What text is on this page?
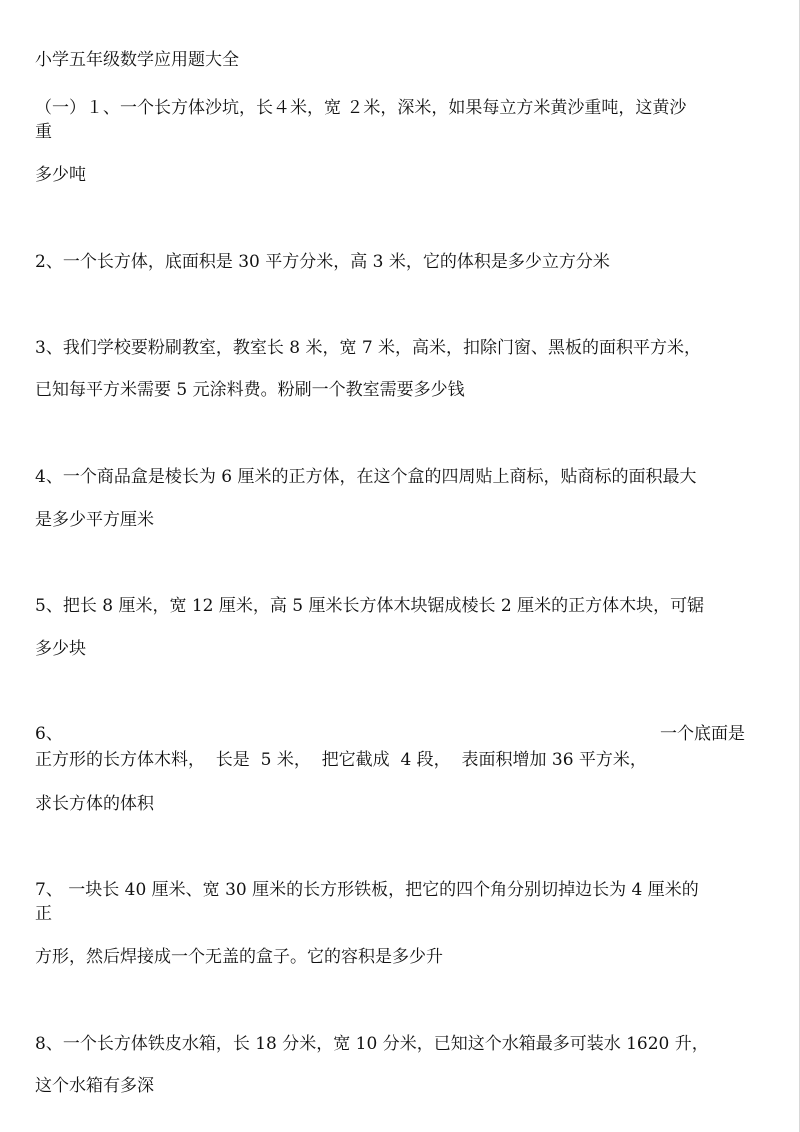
小学五年级数学应用题大全

（一）１、一个长方体沙坑，长４米，宽 ２米，深米，如果每立方米黄沙重吨，这黄沙

重

多少吨

2、一个长方体，底面积是 30 平方分米，高 3 米，它的体积是多少立方分米

3、我们学校要粉刷教室，教室长 8 米，宽 7 米，高米，扣除门窗、黑板的面积平方米，

已知每平方米需要 5 元涂料费。粉刷一个教室需要多少钱

4、一个商品盒是棱长为 6 厘米的正方体，在这个盒的四周贴上商标，贴商标的面积最大

是多少平方厘米

5、把长 8 厘米，宽 12 厘米，高 5 厘米长方体木块锯成棱长 2 厘米的正方体木块，可锯

多少块

6、	一个底面是

正方形的长方体木料，  长是  5 米，  把它截成  4 段，  表面积增加 36 平方米，

求长方体的体积

7、 一块长 40 厘米、宽 30 厘米的长方形铁板，把它的四个角分别切掉边长为 4 厘米的

正

方形，然后焊接成一个无盖的盒子。它的容积是多少升

8、一个长方体铁皮水箱，长 18 分米，宽 10 分米，已知这个水箱最多可装水 1620 升，

这个水箱有多深
